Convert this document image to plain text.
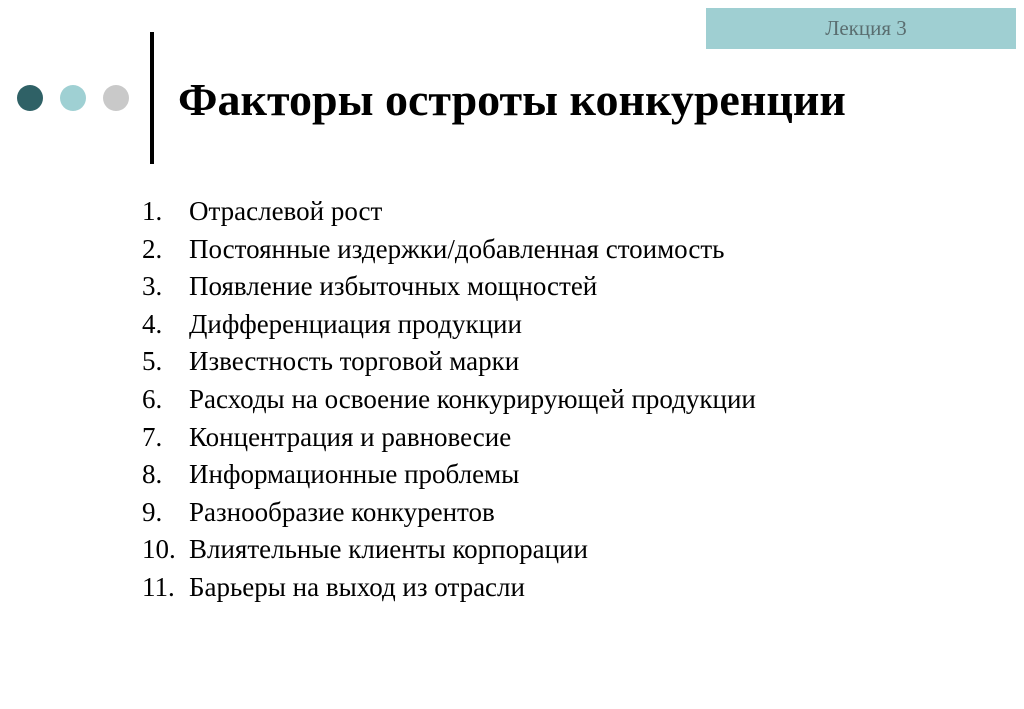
Лекция 3
Факторы остроты конкуренции
1. Отраслевой рост
2. Постоянные издержки/добавленная стоимость
3. Появление избыточных мощностей
4. Дифференциация продукции
5. Известность торговой марки
6. Расходы на освоение конкурирующей продукции
7. Концентрация и равновесие
8. Информационные проблемы
9. Разнообразие конкурентов
10. Влиятельные клиенты корпорации
11. Барьеры на выход из отрасли
